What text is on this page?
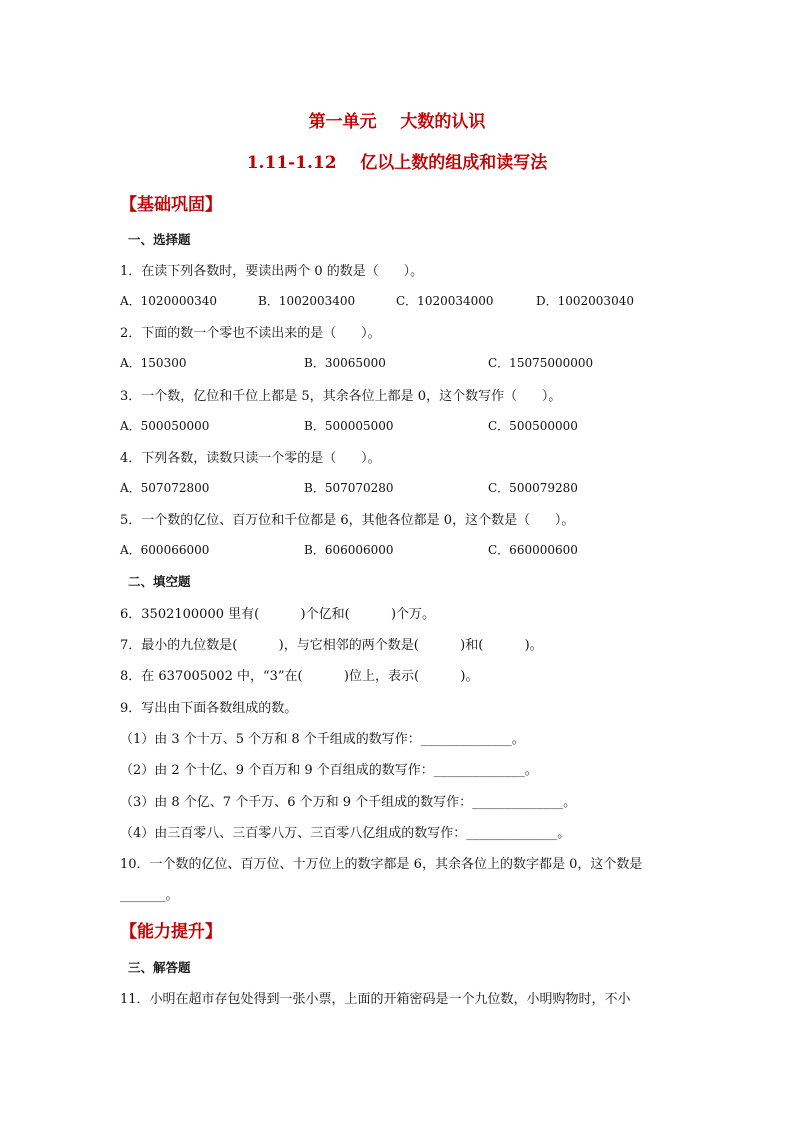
第一单元    大数的认识
1.11-1.12    亿以上数的组成和读写法
【基础巩固】
一、选择题
1．在读下列各数时，要读出两个 0 的数是（      ）。
A．1020000340	B．1002003400	C．1020034000	D．1002003040
2．下面的数一个零也不读出来的是（      ）。
A．150300	B．30065000	C．15075000000
3．一个数，亿位和千位上都是 5，其余各位上都是 0，这个数写作（      ）。
A．500050000	B．500005000	C．500500000
4．下列各数，读数只读一个零的是（      ）。
A．507072800	B．507070280	C．500079280
5．一个数的亿位、百万位和千位都是 6，其他各位都是 0，这个数是（      ）。
A．600066000	B．606006000	C．660000600
二、填空题
6．3502100000 里有(          )个亿和(          )个万。
7．最小的九位数是(          )，与它相邻的两个数是(          )和(          )。
8．在 637005002 中，“3”在(          )位上，表示(          )。
9．写出由下面各数组成的数。
（1）由 3 个十万、5 个万和 8 个千组成的数写作：______________。
（2）由 2 个十亿、9 个百万和 9 个百组成的数写作：______________。
（3）由 8 个亿、7 个千万、6 个万和 9 个千组成的数写作：______________。
（4）由三百零八、三百零八万、三百零八亿组成的数写作：______________。
10．一个数的亿位、百万位、十万位上的数字都是 6，其余各位上的数字都是 0，这个数是
_______。
【能力提升】
三、解答题
11．小明在超市存包处得到一张小票，上面的开箱密码是一个九位数，小明购物时，不小
